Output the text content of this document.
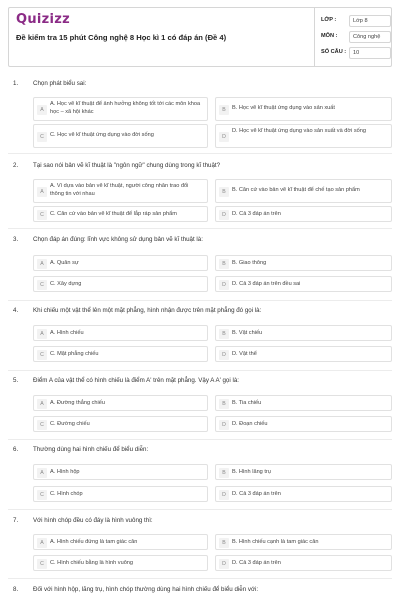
Quizizz
Đề kiểm tra 15 phút Công nghệ 8 Học kì 1 có đáp án (Đề 4)
LỚP :	Lớp 8
MÔN :	Công nghệ
SỐ CÂU :	10
1. Chọn phát biểu sai:
A
A. Học vẽ kĩ thuật để ảnh hưởng không tốt tới các môn khoa học – xã hội khác	B	B. Học vẽ kĩ thuật ứng dụng vào sản xuất
C	C. Học vẽ kĩ thuật ứng dụng vào đời sống	D
D. Học vẽ kĩ thuật ứng dụng vào sản xuất và đời sống
2. Tại sao nói bản vẽ kĩ thuật là "ngôn ngữ" chung dùng trong kĩ thuật?
A
A. Vì dựa vào bản vẽ kĩ thuật, người công nhân trao đổi thông tin với nhau	B	B. Căn cứ vào bản vẽ kĩ thuật để chế tạo sản phẩm
C	C. Căn cứ vào bản vẽ kĩ thuật để lắp ráp sản phẩm	D	D. Cả 3 đáp án trên
3. Chọn đáp án đúng: lĩnh vực không sử dụng bản vẽ kĩ thuật là:
A	A. Quân sự	B	B. Giao thông
C	C. Xây dựng	D	D. Cả 3 đáp án trên đều sai
4. Khi chiếu một vật thể lên một mặt phẳng, hình nhận được trên mặt phẳng đó gọi là:
A	A. Hình chiếu	B	B. Vật chiếu
C	C. Mặt phẳng chiếu	D	D. Vật thể
5. Điểm A của vật thể có hình chiếu là điểm A' trên mặt phẳng. Vậy A A' gọi là:
A	A. Đường thẳng chiếu	B	B. Tia chiếu
C	C. Đường chiếu	D	D. Đoạn chiếu
6. Thường dùng hai hình chiếu để biểu diễn:
A	A. Hình hộp	B	B. Hình lăng trụ
C	C. Hình chóp	D	D. Cả 3 đáp án trên
7. Với hình chóp đều có đáy là hình vuông thì:
A	A. Hình chiếu đứng là tam giác cân	B	B. Hình chiếu cạnh là tam giác cân
C	C. Hình chiếu bằng là hình vuông	D	D. Cả 3 đáp án trên
8. Đối với hình hộp, lăng trụ, hình chóp thường dùng hai hình chiếu để biểu diễn với:
